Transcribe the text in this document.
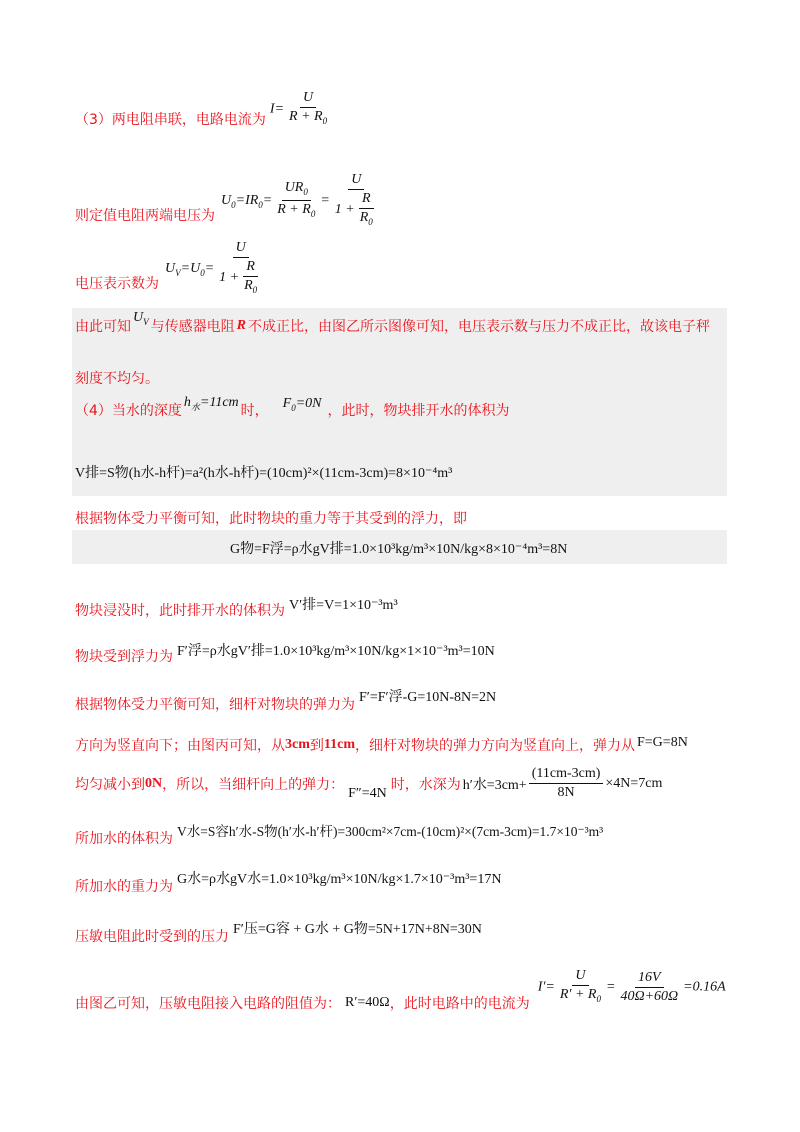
（3）两电阻串联，电路电流为
$I= \frac{U}{R + R_0}$
则定值电阻两端电压为
$U_0=IR_0= \frac{UR_0}{R + R_0} = \frac{U}{1 + \frac{R}{R_0}}$
电压表示数为
$U_V=U_0= \frac{U}{1 + \frac{R}{R_0}}$
由此可知
$U_V$ 与传感器电阻 R 不成正比，由图乙所示图像可知，电压表示数与压力不成正比，故该电子秤
刻度不均匀。
（4）当水的深度
$h_水=11cm$
时， $F_0=0N$ ，此时，物块排开水的体积为
V排=S物(h水-h杆)=a²(h水-h杆)=(10cm)²×(11cm-3cm)=8×10⁻⁴m³
根据物体受力平衡可知，此时物块的重力等于其受到的浮力，即
G物=F浮=ρ水gV排=1.0×10³kg/m³×10N/kg×8×10⁻⁴m³=8N
物块浸没时，此时排开水的体积为 V′排=V=1×10⁻³m³
物块受到浮力为 F′浮=ρ水gV′排=1.0×10³kg/m³×10N/kg×1×10⁻³m³=10N
根据物体受力平衡可知，细杆对物块的弹力为 F′=F′浮-G=10N-8N=2N
方向为竖直向下；由图丙可知，从 3cm 到 11cm ，细杆对物块的弹力方向为竖直向上，弹力从 F=G=8N
均匀减小到 0N ，所以，当细杆向上的弹力：
F″=4N
时，水深为 h′水$=3cm+ \frac{(11cm-3cm)}{8N} \times 4N=7cm$
所加水的体积为 V水=S容h′水-S物(h′水-h′杆)=300cm²×7cm-(10cm)²×(7cm-3cm)=1.7×10⁻³m³
所加水的重力为 G水=ρ水gV水=1.0×10³kg/m³×10N/kg×1.7×10⁻³m³=17N
压敏电阻此时受到的压力 F′压=G容 + G水 + G物=5N+17N+8N=30N
由图乙可知，压敏电阻接入电路的阻值为： R′=40Ω ，此时电路中的电流为
$I'= \frac{U}{R' + R_0} = \frac{16V}{40\Omega+60\Omega} =0.16A$
